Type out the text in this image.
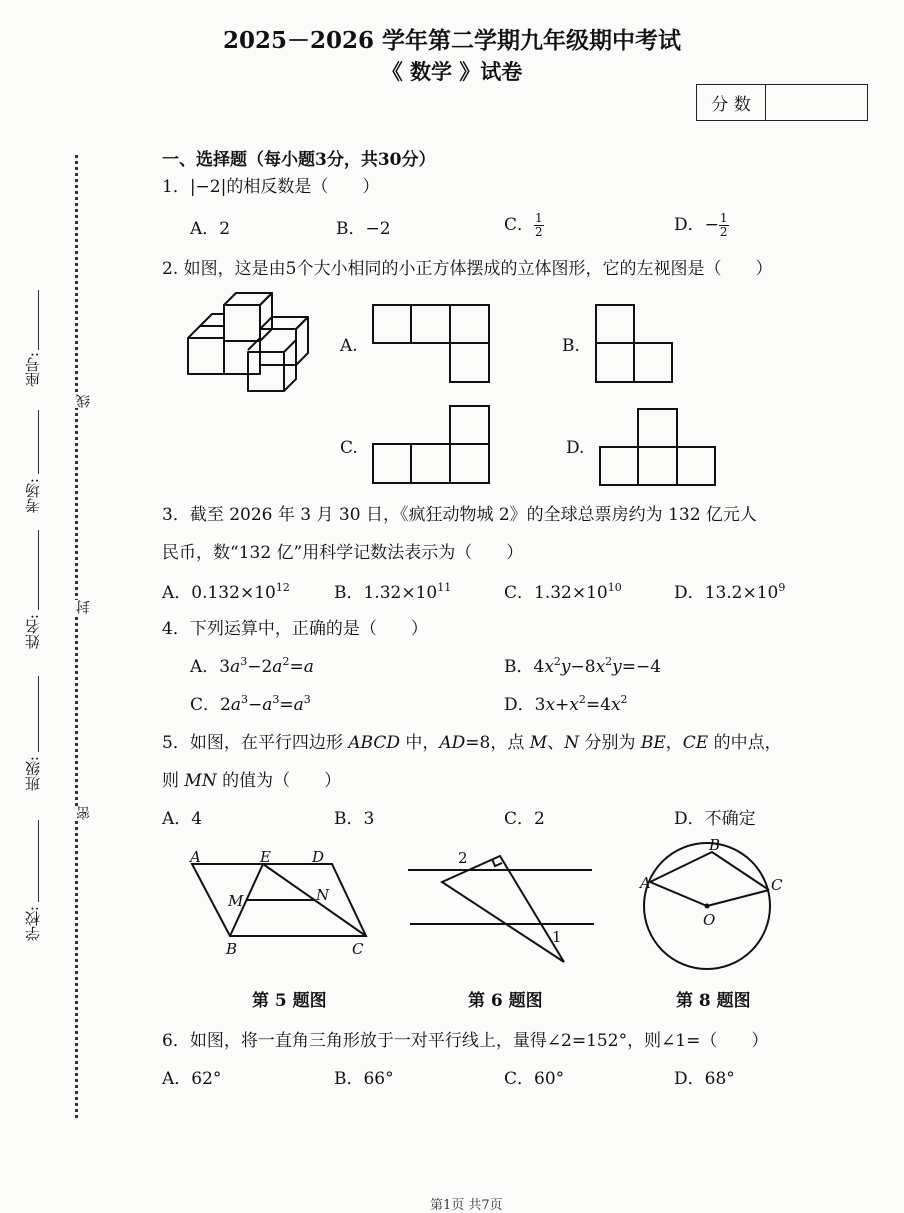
2025－2026 学年第二学期九年级期中考试
《 数学 》试卷
分 数
座号:
考场:
姓名:
班级:
学校:
线
封
密
一、选择题（每小题3分，共30分）
1．|−2|的相反数是（　　）
A．2	B．−2	C． $\frac{1}{2}$	D．− $\frac{1}{2}$
2. 如图，这是由5个大小相同的小正方体摆成的立体图形，它的左视图是（　　）
A.	B.
C.	D.
3．截至 2026 年 3 月 30 日，《疯狂动物城 2》的全球总票房约为 132 亿元人
民币，数“132 亿”用科学记数法表示为（　　）
A．$0.132\times 10^{12}$	B．$1.32\times 10^{11}$	C．$1.32\times 10^{10}$	D．$13.2\times 10^9$
4．下列运算中，正确的是（　　）
A．$3a^3-2a^2=a$	B．$4x^2y-8x^2y=-4$
C．$2a^3-a^3=a^3$	D．$3x+x^2=4x^2$
5．如图，在平行四边形 ABCD 中，AD=8，点 M、N 分别为 BE，CE 的中点，
则 MN 的值为（　　）
A．4	B．3	C．2	D．不确定
A	E	D
M	N
B	C
2
1
A
B
C
O
第 5 题图	第 6 题图	第 8 题图
6．如图，将一直角三角形放于一对平行线上，量得∠2=152°，则∠1=（　　）
A．62°	B．66°	C．60°	D．68°
第1页 共7页
